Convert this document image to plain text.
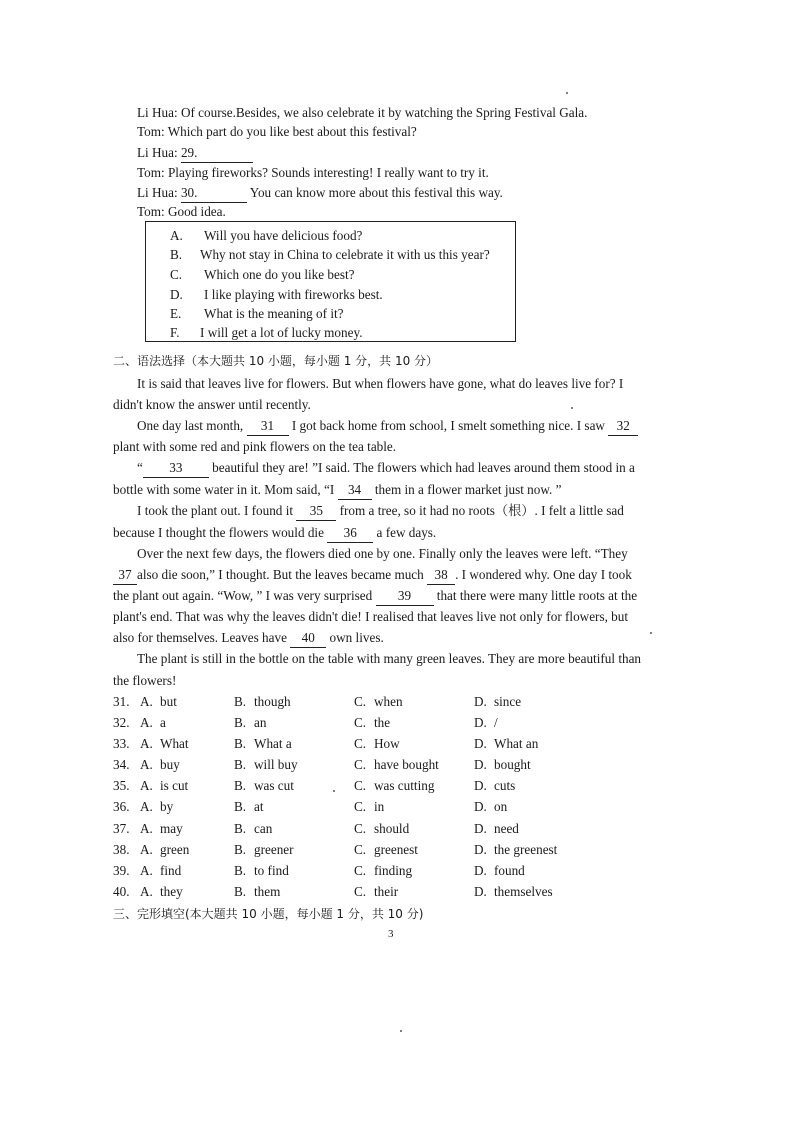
Li Hua: Of course.Besides, we also celebrate it by watching the Spring Festival Gala.
Tom: Which part do you like best about this festival?
Li Hua: 29.
Tom: Playing fireworks? Sounds interesting! I really want to try it.
Li Hua: 30.	You can know more about this festival this way.
Tom: Good idea.
A. Will you have delicious food?
B. Why not stay in China to celebrate it with us this year?
C. Which one do you like best?
D. I like playing with fireworks best.
E. What is the meaning of it?
F. I will get a lot of lucky money.
二、语法选择（本大题共 10 小题，每小题 1 分，共 10 分）
It is said that leaves live for flowers. But when flowers have gone, what do leaves live for? I
didn't know the answer until recently.
One day last month, 31 I got back home from school, I smelt something nice. I saw 32
plant with some red and pink flowers on the tea table.
“ 33 beautiful they are! ”I said. The flowers which had leaves around them stood in a
bottle with some water in it. Mom said, “I 34 them in a flower market just now. ”
I took the plant out. I found it 35 from a tree, so it had no roots（根）. I felt a little sad
because I thought the flowers would die 36 a few days.
Over the next few days, the flowers died one by one. Finally only the leaves were left. “They
37 also die soon,” I thought. But the leaves became much 38 . I wondered why. One day I took
the plant out again. “Wow, ” I was very surprised 39 that there were many little roots at the
plant's end. That was why the leaves didn't die! I realised that leaves live not only for flowers, but
also for themselves. Leaves have 40 own lives.
The plant is still in the bottle on the table with many green leaves. They are more beautiful than
the flowers!
31. A. but	B. though	C. when	D. since
32. A. a	B. an	C. the	D. /
33. A. What	B. What a	C. How	D. What an
34. A. buy	B. will buy	C. have bought	D. bought
35. A. is cut	B. was cut	C. was cutting	D. cuts
36. A. by	B. at	C. in	D. on
37. A. may	B. can	C. should	D. need
38. A. green	B. greener	C. greenest	D. the greenest
39. A. find	B. to find	C. finding	D. found
40. A. they	B. them	C. their	D. themselves
三、完形填空(本大题共 10 小题，每小题 1 分，共 10 分)
3
